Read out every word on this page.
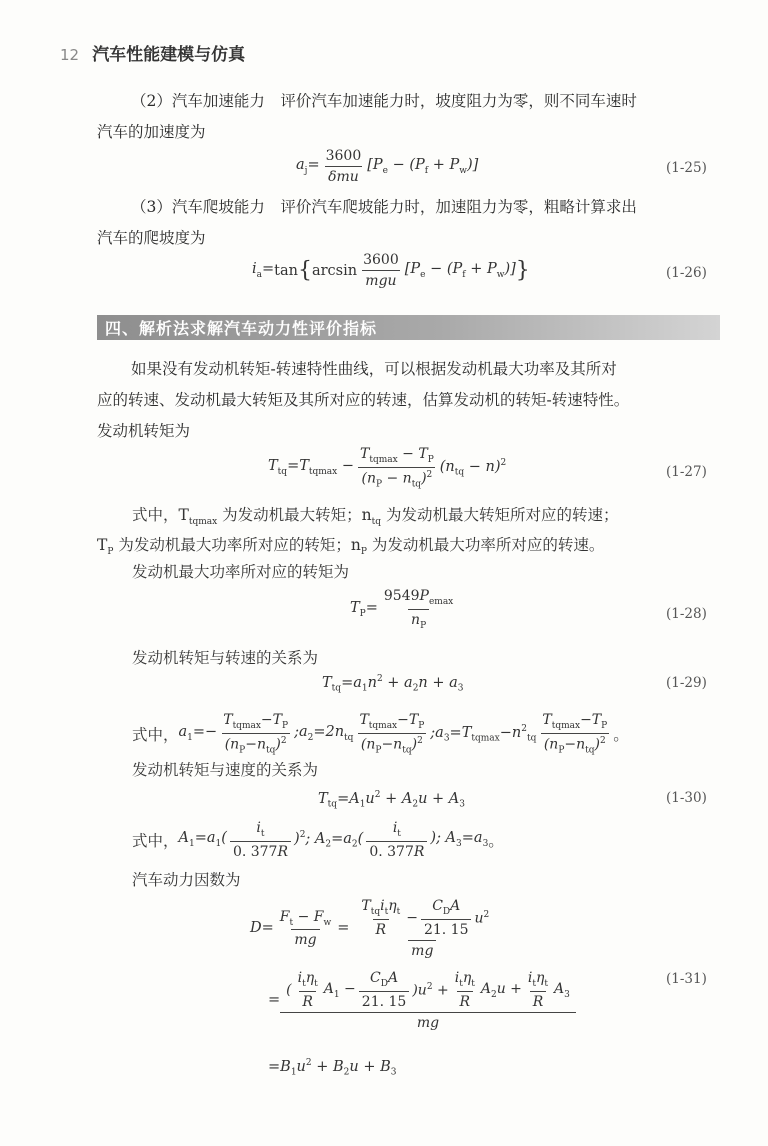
12 汽车性能建模与仿真

（2）汽车加速能力　评价汽车加速能力时，坡度阻力为零，则不同车速时

汽车的加速度为

$a_j= \frac{3600}{\text{δmu}} [P_e - (P_f + P_w)]$	(1-25)

（3）汽车爬坡能力　评价汽车爬坡能力时，加速阻力为零，粗略计算求出

汽车的爬坡度为

$i_a= \tan$ { $\arcsin \frac{3600}{\text{mgu}} [P_e - (P_f + P_w)]$ }	(1-26)
四、解析法求解汽车动力性评价指标

如果没有发动机转矩-转速特性曲线，可以根据发动机最大功率及其所对

应的转速、发动机最大转矩及其所对应的转速，估算发动机的转矩-转速特性。

发动机转矩为

$T_{tq}=T_{tqmax} - \frac{T_{tqmax} - T_P}{(n_P - n_{tq})^2} (n_{tq} - n)^2$
(1-27)
式中，$T_{tqmax}$ 为发动机最大转矩；$n_{tq}$ 为发动机最大转矩所对应的转速；
$T_P$ 为发动机最大功率所对应的转矩；$n_P$ 为发动机最大功率所对应的转速。
发动机最大功率所对应的转矩为
$T_P= \frac{9549P_{emax}}{n_P}$	(1-28)
发动机转矩与转速的关系为
$T_{tq}=a_1n^2 + a_2n + a_3$	(1-29)
式中， $a_1=- \frac{T_{tqmax}-T_P}{(n_P-n_{tq})^2}$ $;a_2=2n_{tq} \frac{T_{tqmax}-T_P}{(n_P-n_{tq})^2}$ $;a_3=T_{tqmax}-n^2_{tq} \frac{T_{tqmax}-T_P}{(n_P-n_{tq})^2}$ 。
发动机转矩与速度的关系为
$T_{tq}=A_1u^2 + A_2u + A_3$	(1-30)
式中， $A_1=a_1( \frac{i_t}{0. 377R} )^2$; $A_2=a_2( \frac{i_t}{0. 377R}$ ); $A_3=a_3$ 。
汽车动力因数为
$D= \frac{F_t - F_w}{mg} = \frac{\frac{T_{tq}i_t\eta_t}{R} - \frac{C_DA}{21. 15} u^2}{mg}$
(1-31)
=
( $\frac{i_t\eta_t}{R} A_1 - \frac{C_DA}{21. 15} )u^2 + \frac{i_t\eta_t}{R} A_2u + \frac{i_t\eta_t}{R} A_3$
mg
$=B_1u^2 + B_2u + B_3$
